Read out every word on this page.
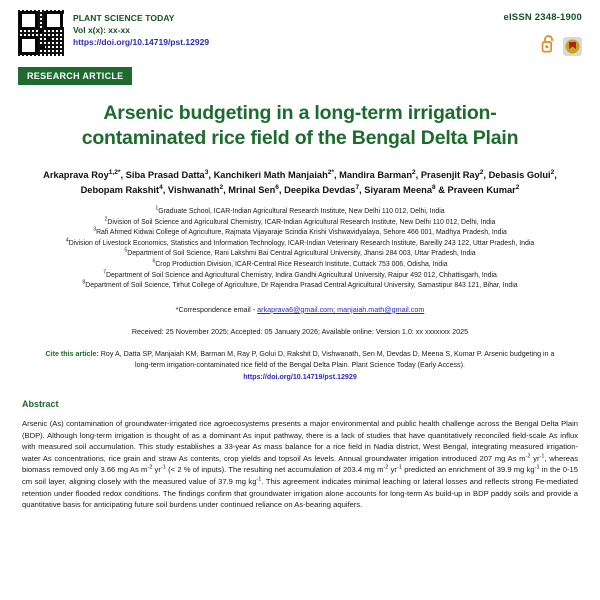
PLANT SCIENCE TODAY
Vol x(x): xx-xx
https://doi.org/10.14719/pst.12929
eISSN 2348-1900
RESEARCH ARTICLE
Arsenic budgeting in a long-term irrigation-contaminated rice field of the Bengal Delta Plain
Arkaprava Roy$^{1,2*}$, Siba Prasad Datta$^3$, Kanchikeri Math Manjaiah$^{2*}$, Mandira Barman$^2$, Prasenjit Ray$^2$, Debasis Golui$^2$, Debopam Rakshit$^4$, Vishwanath$^2$, Mrinal Sen$^6$, Deepika Devdas$^7$, Siyaram Meena$^8$ & Praveen Kumar$^2$
$^1$Graduate School, ICAR-Indian Agricultural Research Institute, New Delhi 110 012, Delhi, India
$^2$Division of Soil Science and Agricultural Chemistry, ICAR-Indian Agricultural Research Institute, New Delhi 110 012, Delhi, India
$^3$Rafi Ahmed Kidwai College of Agriculture, Rajmata Vijayaraje Scindia Krishi Vishwavidyalaya, Sehore 466 001, Madhya Pradesh, India
$^4$Division of Livestock Economics, Statistics and Information Technology, ICAR-Indian Veterinary Research Institute, Bareilly 243 122, Uttar Pradesh, India
$^5$Department of Soil Science, Rani Lakshmi Bai Central Agricultural University, Jhansi 284 003, Uttar Pradesh, India
$^6$Crop Production Division, ICAR-Central Rice Research Institute, Cuttack 753 006, Odisha, India
$^7$Department of Soil Science and Agricultural Chemistry, Indira Gandhi Agricultural University, Raipur 492 012, Chhattisgarh, India
$^8$Department of Soil Science, Tirhut College of Agriculture, Dr Rajendra Prasad Central Agricultural University, Samastipur 843 121, Bihar, India
*Correspondence email - arkaprava6@gmail.com; manjaiah.math@gmail.com
Received: 25 November 2025; Accepted: 05 January 2026; Available online: Version 1.0: xx xxxxxxx 2025
Cite this article: Roy A, Datta SP, Manjaiah KM, Barman M, Ray P, Golui D, Rakshit D, Vishwanath, Sen M, Devdas D, Meena S, Kumar P. Arsenic budgeting in a long-term irrigation-contaminated rice field of the Bengal Delta Plain. Plant Science Today (Early Access).
https://doi.org/10.14719/pst.12929
Abstract
Arsenic (As) contamination of groundwater-irrigated rice agroecosystems presents a major environmental and public health challenge across the Bengal Delta Plain (BDP). Although long-term irrigation is thought of as a dominant As input pathway, there is a lack of studies that have quantitatively reconciled field-scale As influx with measured soil accumulation. This study establishes a 33-year As mass balance for a rice field in Nadia district, West Bengal, integrating measured irrigation-water As concentrations, rice grain and straw As contents, crop yields and topsoil As levels. Annual groundwater irrigation introduced 207 mg As $m^{-2}$ $yr^{-1}$, whereas biomass removed only 3.66 mg As $m^{-2}$ $yr^{-1}$ (< 2 % of inputs). The resulting net accumulation of 203.4 mg $m^{-2}$ $yr^{-1}$ predicted an enrichment of 39.9 mg $kg^{-1}$ in the 0-15 cm soil layer, aligning closely with the measured value of 37.9 mg $kg^{-1}$. This agreement indicates minimal leaching or lateral losses and reflects strong Fe-mediated retention under flooded redox conditions. The findings confirm that groundwater irrigation alone accounts for long-term As build-up in BDP paddy soils and provide a quantitative basis for anticipating future soil burdens under continued reliance on As-bearing aquifers.
